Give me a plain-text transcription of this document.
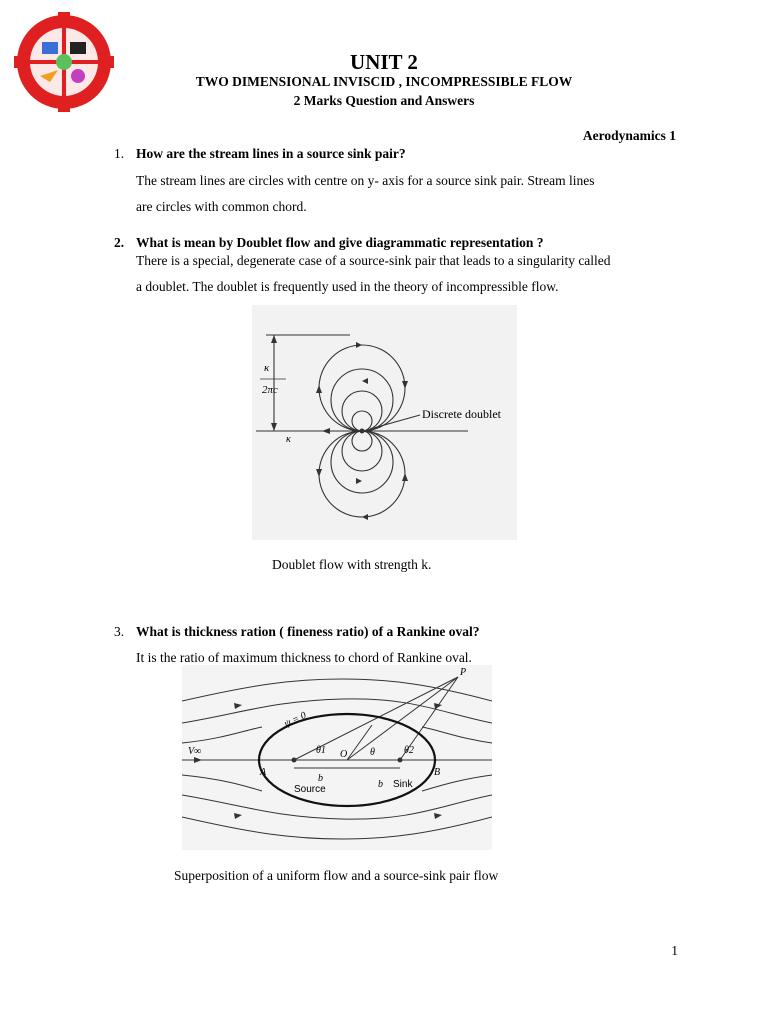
UNIT 2
TWO DIMENSIONAL INVISCID , INCOMPRESSIBLE FLOW
2 Marks Question and Answers
Aerodynamics 1
1. How are the stream lines in a source sink pair?
The stream lines are circles with centre on y- axis for a source sink pair. Stream lines
are circles with common chord.
2. What is mean by Doublet flow and give diagrammatic representation ?
There is a special, degenerate case of a source-sink pair that leads to a singularity called
a doublet. The doublet is frequently used in the theory of incompressible flow.
κ
2πc
κ
Discrete doublet
Doublet flow with strength k.
3. What is thickness ration ( fineness ratio) of a Rankine oval?
It is the ratio of maximum thickness to chord of Rankine oval.
V∞
ψ = 0
P
A	B
O
θ1	θ	θ2
b
b
Source	Sink
Superposition of a uniform flow and a source-sink pair flow
1
